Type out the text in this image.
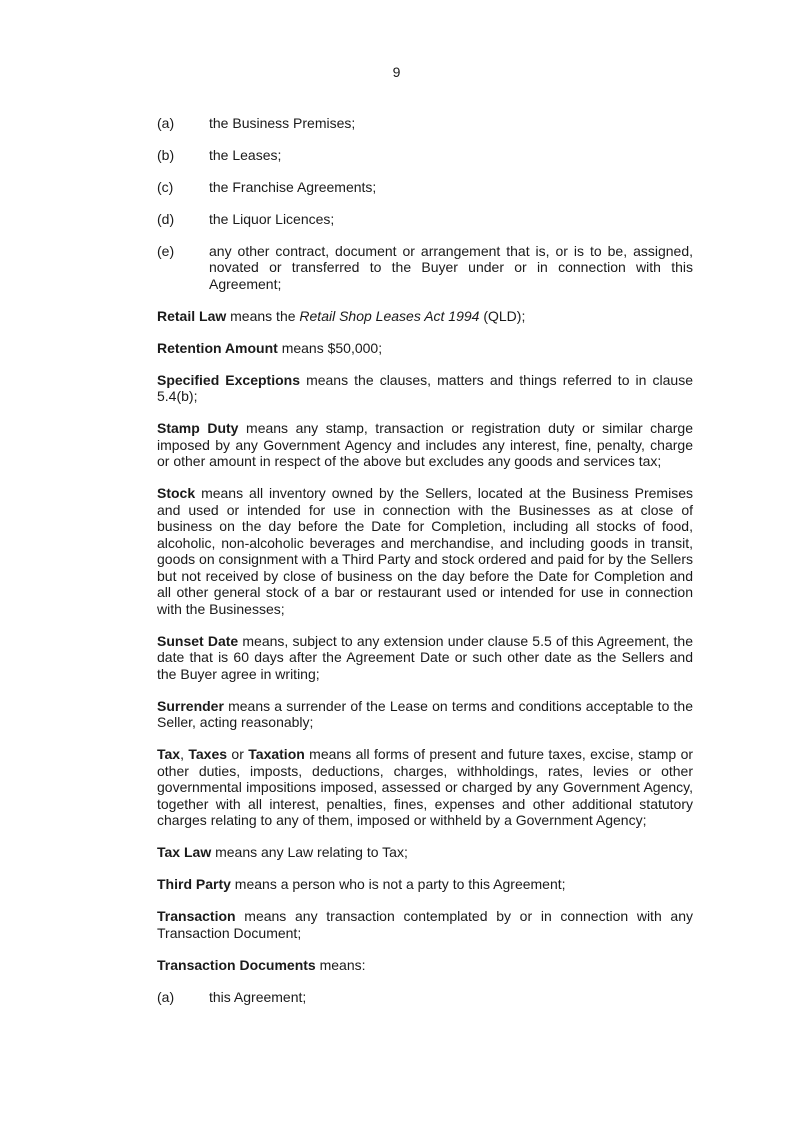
9
(a)	the Business Premises;
(b)	the Leases;
(c)	the Franchise Agreements;
(d)	the Liquor Licences;
(e)	any other contract, document or arrangement that is, or is to be, assigned, novated or transferred to the Buyer under or in connection with this Agreement;
Retail Law means the Retail Shop Leases Act 1994 (QLD);
Retention Amount means $50,000;
Specified Exceptions means the clauses, matters and things referred to in clause 5.4(b);
Stamp Duty means any stamp, transaction or registration duty or similar charge imposed by any Government Agency and includes any interest, fine, penalty, charge or other amount in respect of the above but excludes any goods and services tax;
Stock means all inventory owned by the Sellers, located at the Business Premises and used or intended for use in connection with the Businesses as at close of business on the day before the Date for Completion, including all stocks of food, alcoholic, non-alcoholic beverages and merchandise, and including goods in transit, goods on consignment with a Third Party and stock ordered and paid for by the Sellers but not received by close of business on the day before the Date for Completion and all other general stock of a bar or restaurant used or intended for use in connection with the Businesses;
Sunset Date means, subject to any extension under clause 5.5 of this Agreement, the date that is 60 days after the Agreement Date or such other date as the Sellers and the Buyer agree in writing;
Surrender means a surrender of the Lease on terms and conditions acceptable to the Seller, acting reasonably;
Tax, Taxes or Taxation means all forms of present and future taxes, excise, stamp or other duties, imposts, deductions, charges, withholdings, rates, levies or other governmental impositions imposed, assessed or charged by any Government Agency, together with all interest, penalties, fines, expenses and other additional statutory charges relating to any of them, imposed or withheld by a Government Agency;
Tax Law means any Law relating to Tax;
Third Party means a person who is not a party to this Agreement;
Transaction means any transaction contemplated by or in connection with any Transaction Document;
Transaction Documents means:
(a)	this Agreement;
